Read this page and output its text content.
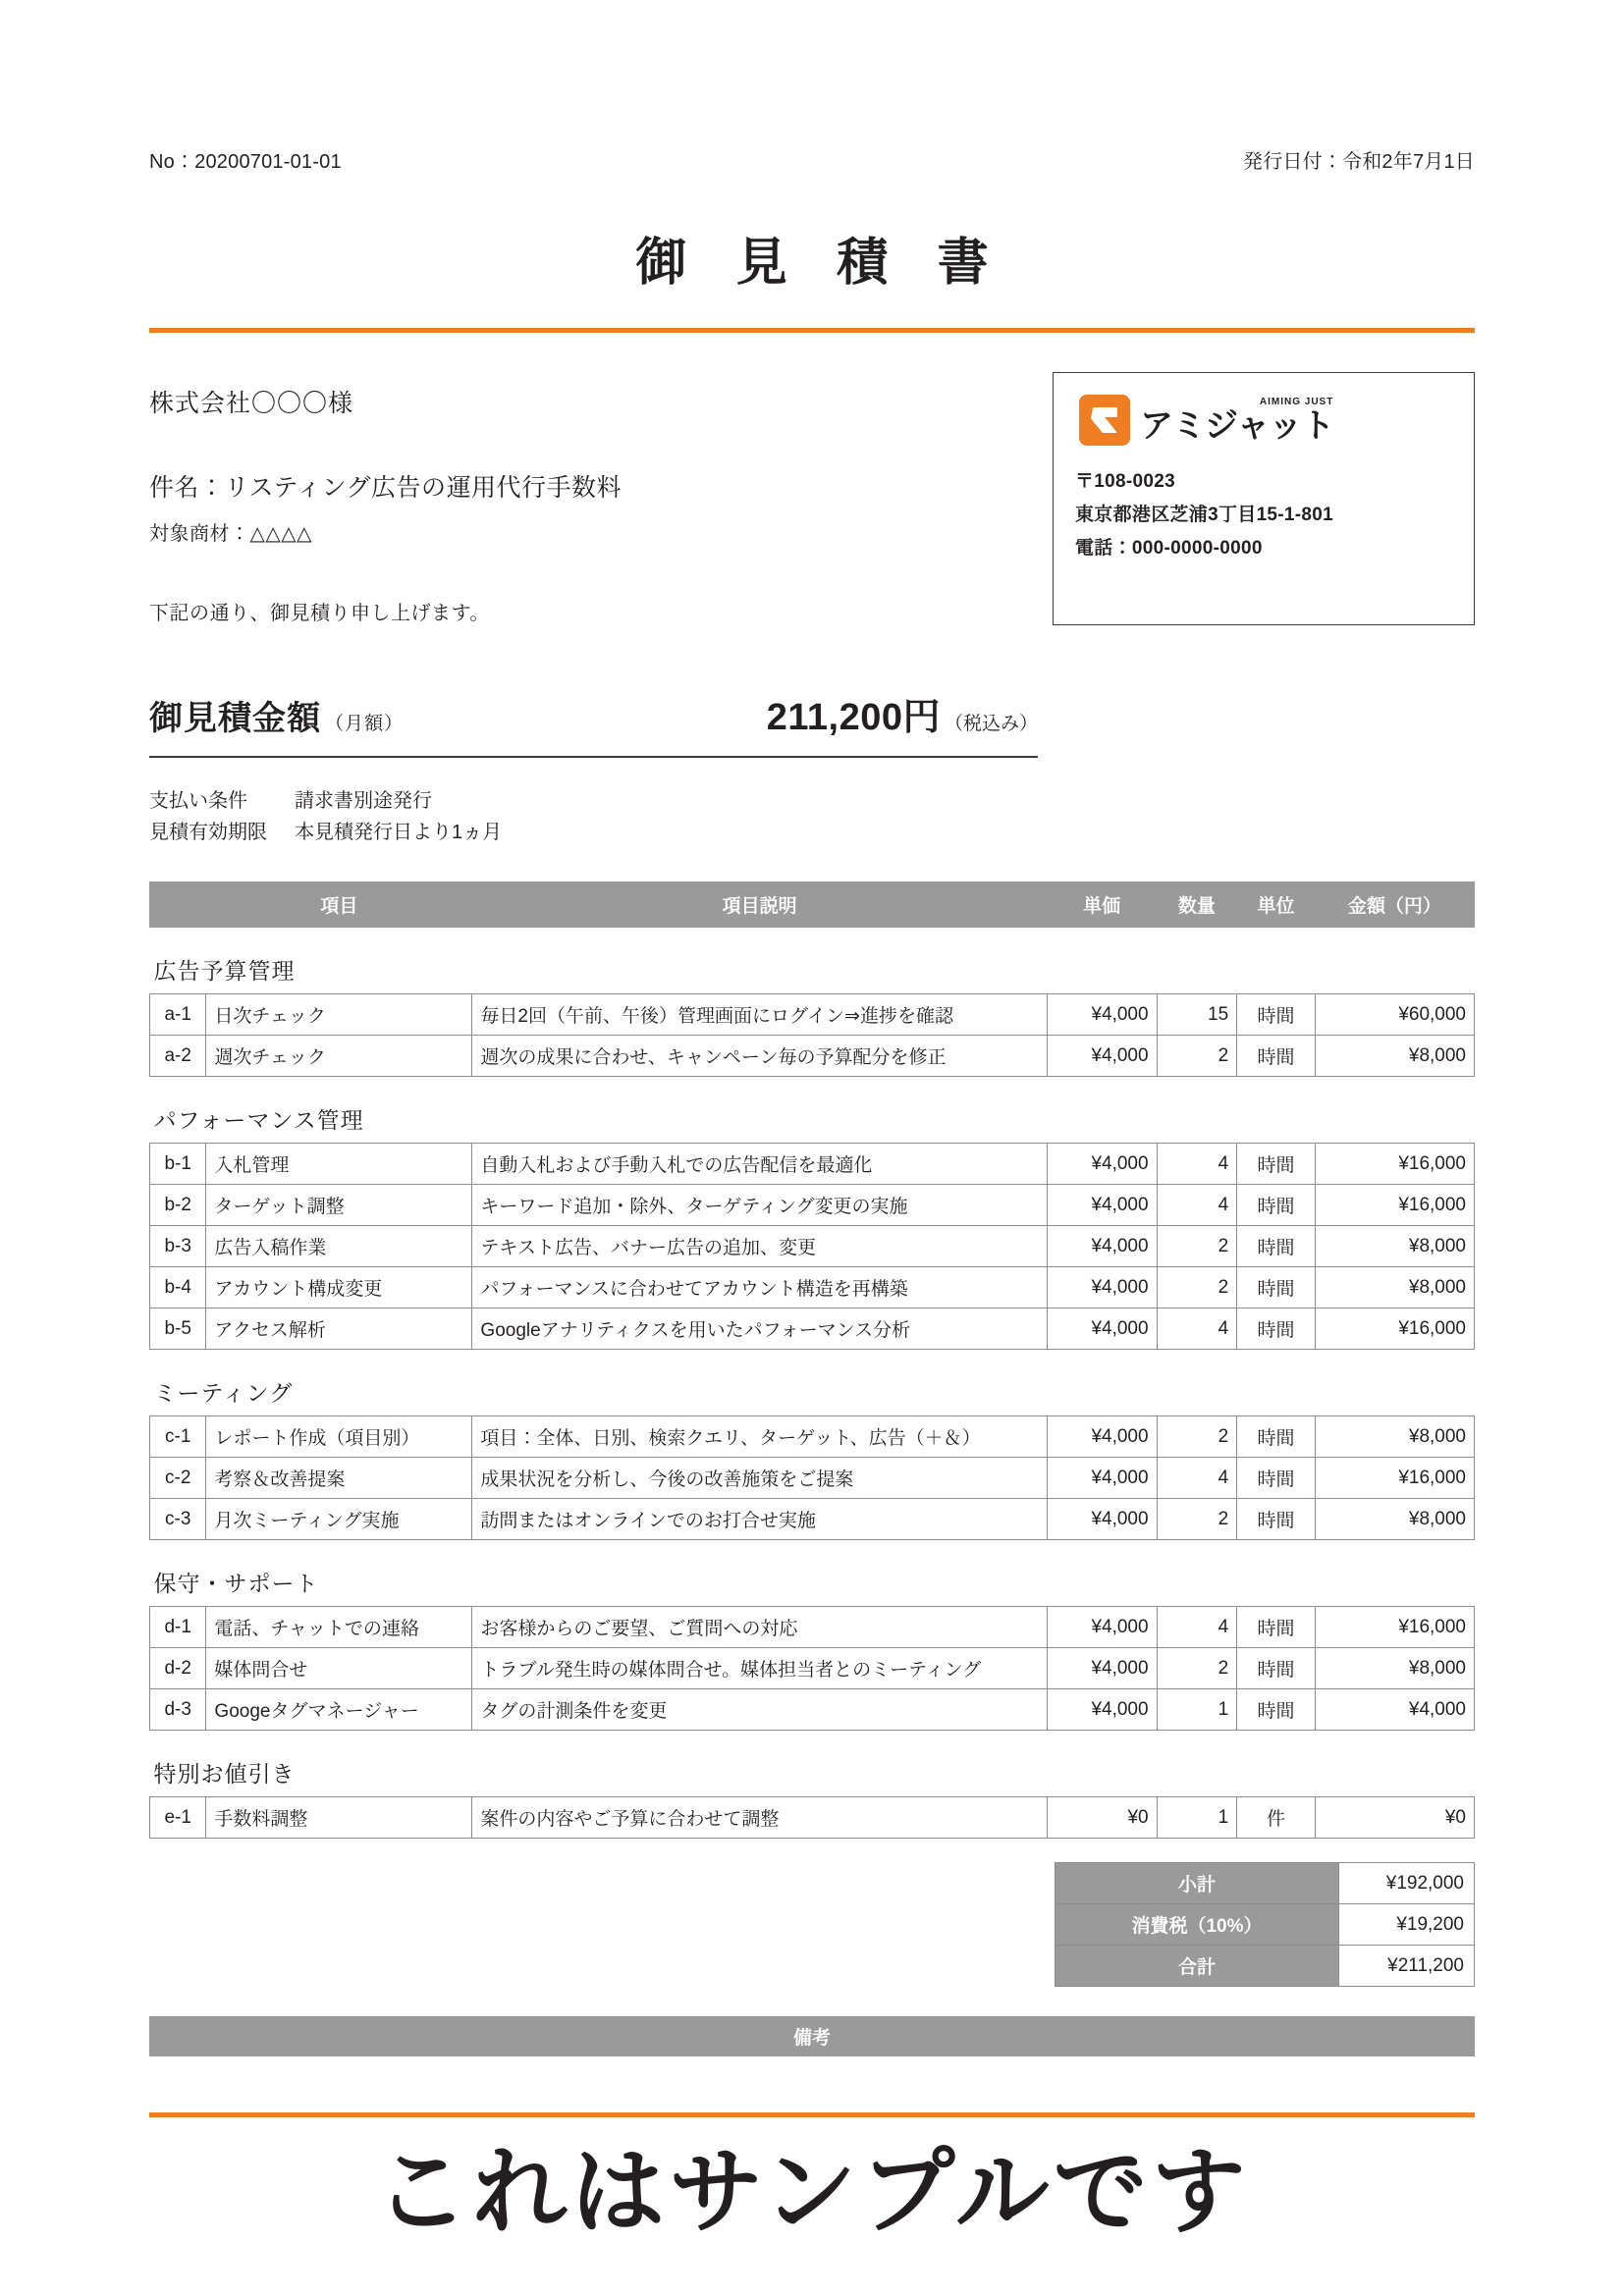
No：20200701-01-01	発行日付：令和2年7月1日
御 見 積 書
株式会社〇〇〇様
件名：リスティング広告の運用代行手数料
対象商材：△△△△
下記の通り、御見積り申し上げます。
AIMING JUST
アミジャット
〒108-0023
東京都港区芝浦3丁目15-1-801
電話：000-0000-0000
御見積金額 （月額）	211,200円 （税込み）
支払い条件 請求書別途発行
見積有効期限 本見積発行日より1ヵ月
	項目	項目説明	単価	数量	単位	金額（円）
広告予算管理						
a-1	日次チェック	毎日2回（午前、午後）管理画面にログイン⇒進捗を確認	¥4,000	15	時間	¥60,000
a-2	週次チェック	週次の成果に合わせ、キャンペーン毎の予算配分を修正	¥4,000	2	時間	¥8,000
パフォーマンス管理						
b-1	入札管理	自動入札および手動入札での広告配信を最適化	¥4,000	4	時間	¥16,000
b-2	ターゲット調整	キーワード追加・除外、ターゲティング変更の実施	¥4,000	4	時間	¥16,000
b-3	広告入稿作業	テキスト広告、バナー広告の追加、変更	¥4,000	2	時間	¥8,000
b-4	アカウント構成変更	パフォーマンスに合わせてアカウント構造を再構築	¥4,000	2	時間	¥8,000
b-5	アクセス解析	Googleアナリティクスを用いたパフォーマンス分析	¥4,000	4	時間	¥16,000
ミーティング						
c-1	レポート作成（項目別）	項目：全体、日別、検索クエリ、ターゲット、広告（＋＆）	¥4,000	2	時間	¥8,000
c-2	考察＆改善提案	成果状況を分析し、今後の改善施策をご提案	¥4,000	4	時間	¥16,000
c-3	月次ミーティング実施	訪問またはオンラインでのお打合せ実施	¥4,000	2	時間	¥8,000
保守・サポート						
d-1	電話、チャットでの連絡	お客様からのご要望、ご質問への対応	¥4,000	4	時間	¥16,000
d-2	媒体問合せ	トラブル発生時の媒体問合せ。媒体担当者とのミーティング	¥4,000	2	時間	¥8,000
d-3	Googeタグマネージャー	タグの計測条件を変更	¥4,000	1	時間	¥4,000
特別お値引き						
e-1	手数料調整	案件の内容やご予算に合わせて調整	¥0	1	件	¥0
小計	¥192,000
消費税（10%）	¥19,200
合計	¥211,200
備考
これはサンプルです
